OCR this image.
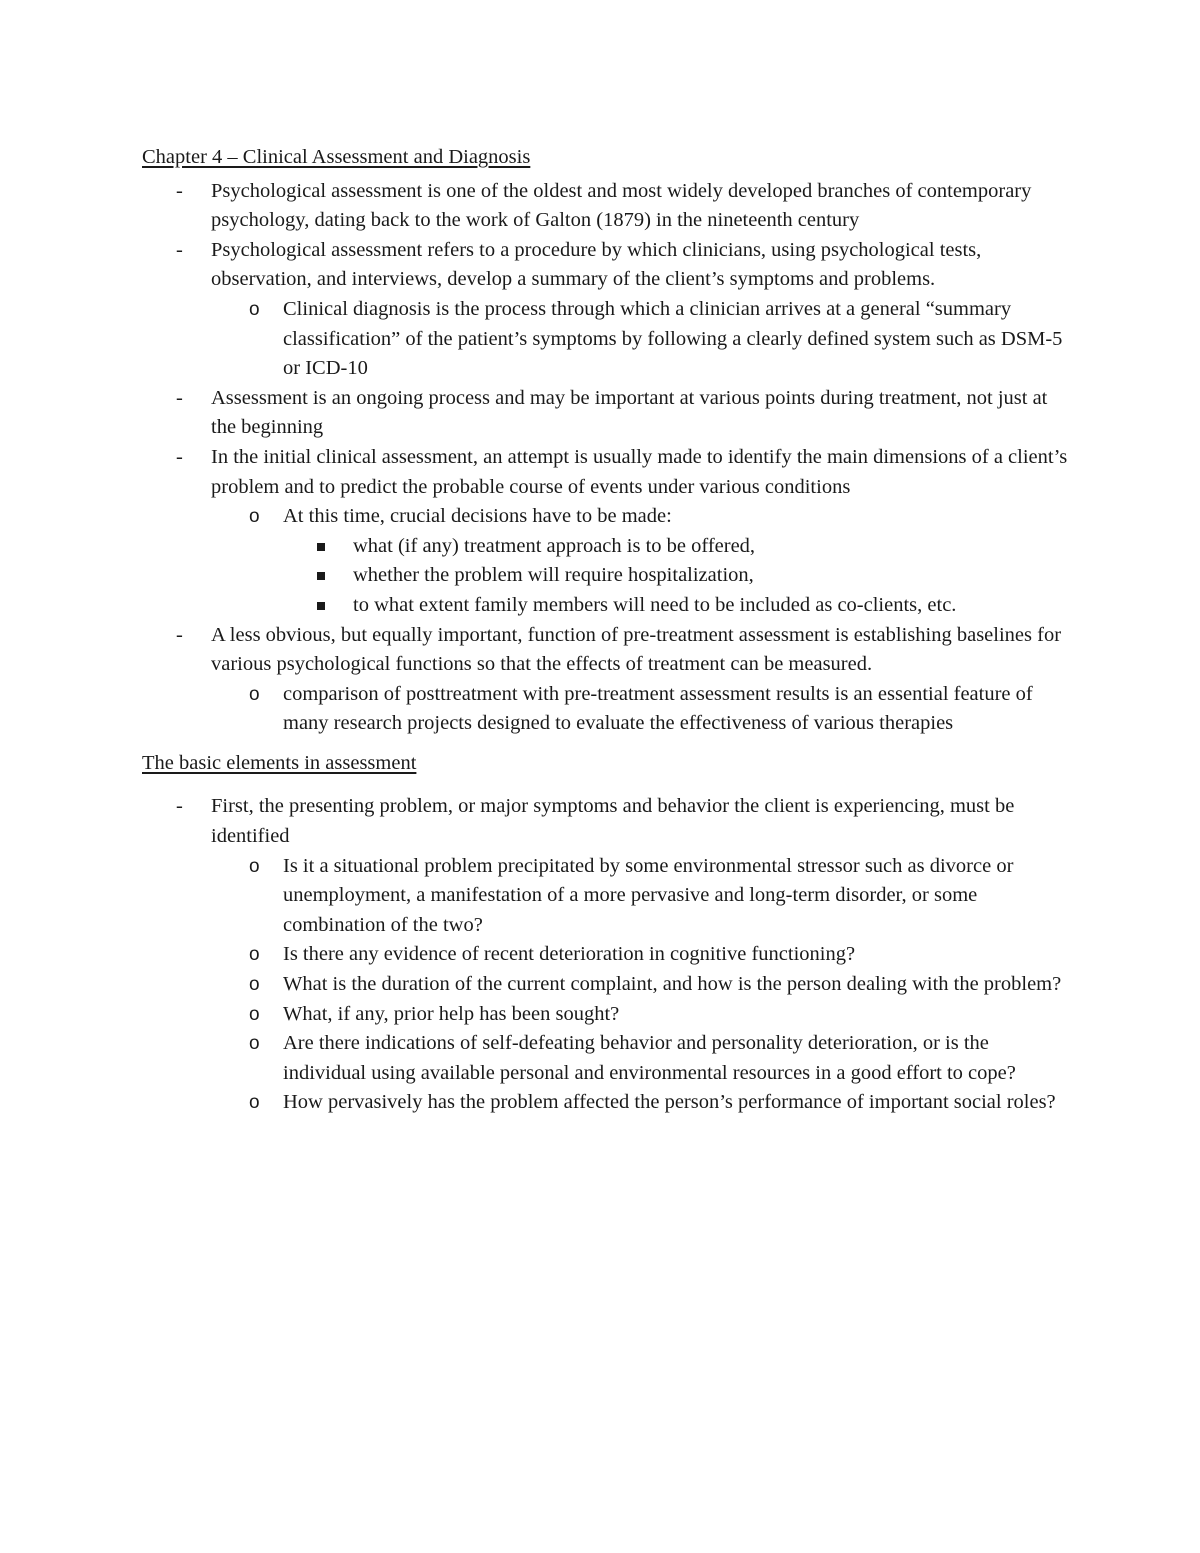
Chapter 4 – Clinical Assessment and Diagnosis

- Psychological assessment is one of the oldest and most widely developed branches of contemporary psychology, dating back to the work of Galton (1879) in the nineteenth century
- Psychological assessment refers to a procedure by which clinicians, using psychological tests, observation, and interviews, develop a summary of the client’s symptoms and problems.
o Clinical diagnosis is the process through which a clinician arrives at a general “summary classification” of the patient’s symptoms by following a clearly defined system such as DSM-5 or ICD-10
- Assessment is an ongoing process and may be important at various points during treatment, not just at the beginning
- In the initial clinical assessment, an attempt is usually made to identify the main dimensions of a client’s problem and to predict the probable course of events under various conditions
o At this time, crucial decisions have to be made:
what (if any) treatment approach is to be offered,
whether the problem will require hospitalization,
to what extent family members will need to be included as co-clients, etc.
- A less obvious, but equally important, function of pre-treatment assessment is establishing baselines for various psychological functions so that the effects of treatment can be measured.
o comparison of posttreatment with pre-treatment assessment results is an essential feature of many research projects designed to evaluate the effectiveness of various therapies

The basic elements in assessment

- First, the presenting problem, or major symptoms and behavior the client is experiencing, must be identified
o Is it a situational problem precipitated by some environmental stressor such as divorce or unemployment, a manifestation of a more pervasive and long-term disorder, or some combination of the two?
o Is there any evidence of recent deterioration in cognitive functioning?
o What is the duration of the current complaint, and how is the person dealing with the problem?
o What, if any, prior help has been sought?
o Are there indications of self-defeating behavior and personality deterioration, or is the individual using available personal and environmental resources in a good effort to cope?
o How pervasively has the problem affected the person’s performance of important social roles?
